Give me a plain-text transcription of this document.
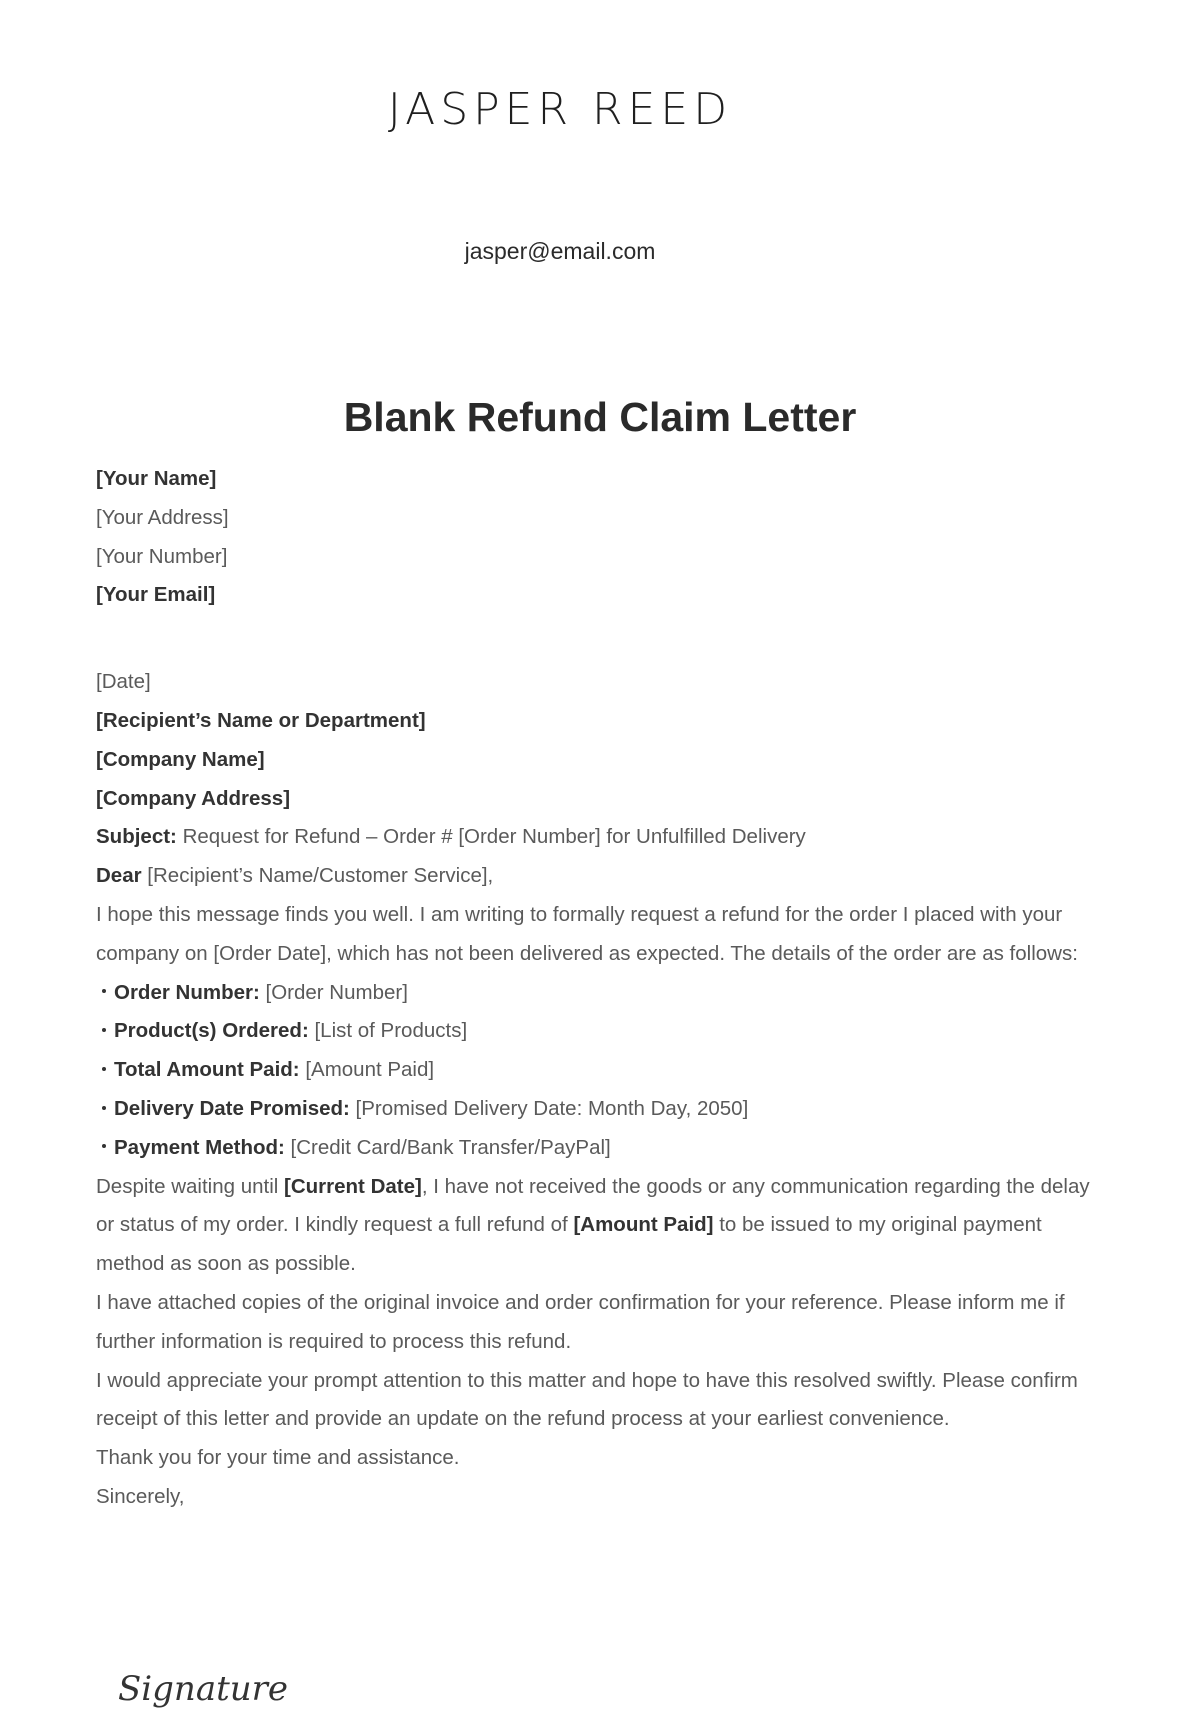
JASPER REED
jasper@email.com
Blank Refund Claim Letter
[Your Name]
[Your Address]
[Your Number]
[Your Email]
[Date]
[Recipient’s Name or Department]
[Company Name]
[Company Address]
Subject: Request for Refund – Order # [Order Number] for Unfulfilled Delivery
Dear [Recipient’s Name/Customer Service],
I hope this message finds you well. I am writing to formally request a refund for the order I placed with your company on [Order Date], which has not been delivered as expected. The details of the order are as follows:
Order Number: [Order Number]
Product(s) Ordered: [List of Products]
Total Amount Paid: [Amount Paid]
Delivery Date Promised: [Promised Delivery Date: Month Day, 2050]
Payment Method: [Credit Card/Bank Transfer/PayPal]
Despite waiting until [Current Date], I have not received the goods or any communication regarding the delay or status of my order. I kindly request a full refund of [Amount Paid] to be issued to my original payment method as soon as possible.
I have attached copies of the original invoice and order confirmation for your reference. Please inform me if further information is required to process this refund.
I would appreciate your prompt attention to this matter and hope to have this resolved swiftly. Please confirm receipt of this letter and provide an update on the refund process at your earliest convenience.
Thank you for your time and assistance.
Sincerely,
Signature
